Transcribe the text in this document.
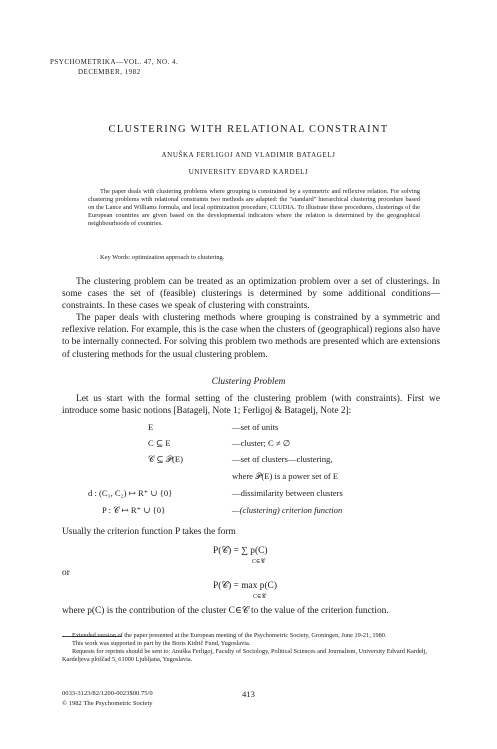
PSYCHOMETRIKA—VOL. 47, NO. 4.
DECEMBER, 1982
CLUSTERING WITH RELATIONAL CONSTRAINT
ANUŠKA FERLIGOJ AND VLADIMIR BATAGELJ
UNIVERSITY EDVARD KARDELJ

The paper deals with clustering problems where grouping is constrained by a symmetric and reflexive relation. For solving clustering problems with relational constraints two methods are adapted: the "standard" hierarchical clustering procedure based on the Lance and Williams formula, and local optimization procedure, CLUDIA. To illustrate these procedures, clusterings of the European countries are given based on the developmental indicators where the relation is determined by the geographical neighbourhoods of countries.

Key Words: optimization approach to clustering.

The clustering problem can be treated as an optimization problem over a set of clusterings. In some cases the set of (feasible) clusterings is determined by some additional conditions—constraints. In these cases we speak of clustering with constraints.

The paper deals with clustering methods where grouping is constrained by a symmetric and reflexive relation. For example, this is the case when the clusters of (geographical) regions also have to be internally connected. For solving this problem two methods are presented which are extensions of clustering methods for the usual clustering problem.

Clustering Problem

Let us start with the formal setting of the clustering problem (with constraints). First we introduce some basic notions [Batagelj, Note 1; Ferligoj & Batagelj, Note 2]:

E	—set of units
C ⊆ E	—cluster; C ≠ ∅
𝒞 ⊆ 𝒫(E)	—set of clusters—clustering,
where 𝒫(E) is a power set of E
d : (C₁, C₂) ↦ R⁺ ∪ {0}	—dissimilarity between clusters
P : 𝒞 ↦ R⁺ ∪ {0}	—(clustering) criterion function
Usually the criterion function P takes the form
P(𝒞) = ∑ p(C)
C∈𝒞
or
P(𝒞) = max p(C)
C∈𝒞
where p(C) is the contribution of the cluster C∈𝒞 to the value of the criterion function.

Extended version of the paper presented at the European meeting of the Psychometric Society, Groningen, June 19-21, 1980.

This work was supported in part by the Boris Kidrič Fund, Yugoslavia.

Requests for reprints should be sent to: Anuška Ferligoj, Faculty of Sociology, Political Sciences and Journalism, University Edvard Kardelj, Kardeljeva ploščad 5, 61000 Ljubljana, Yugoslavia.

0033-3123/82/1200-0023$00.75/0
© 1982 The Psychometric Society
413
